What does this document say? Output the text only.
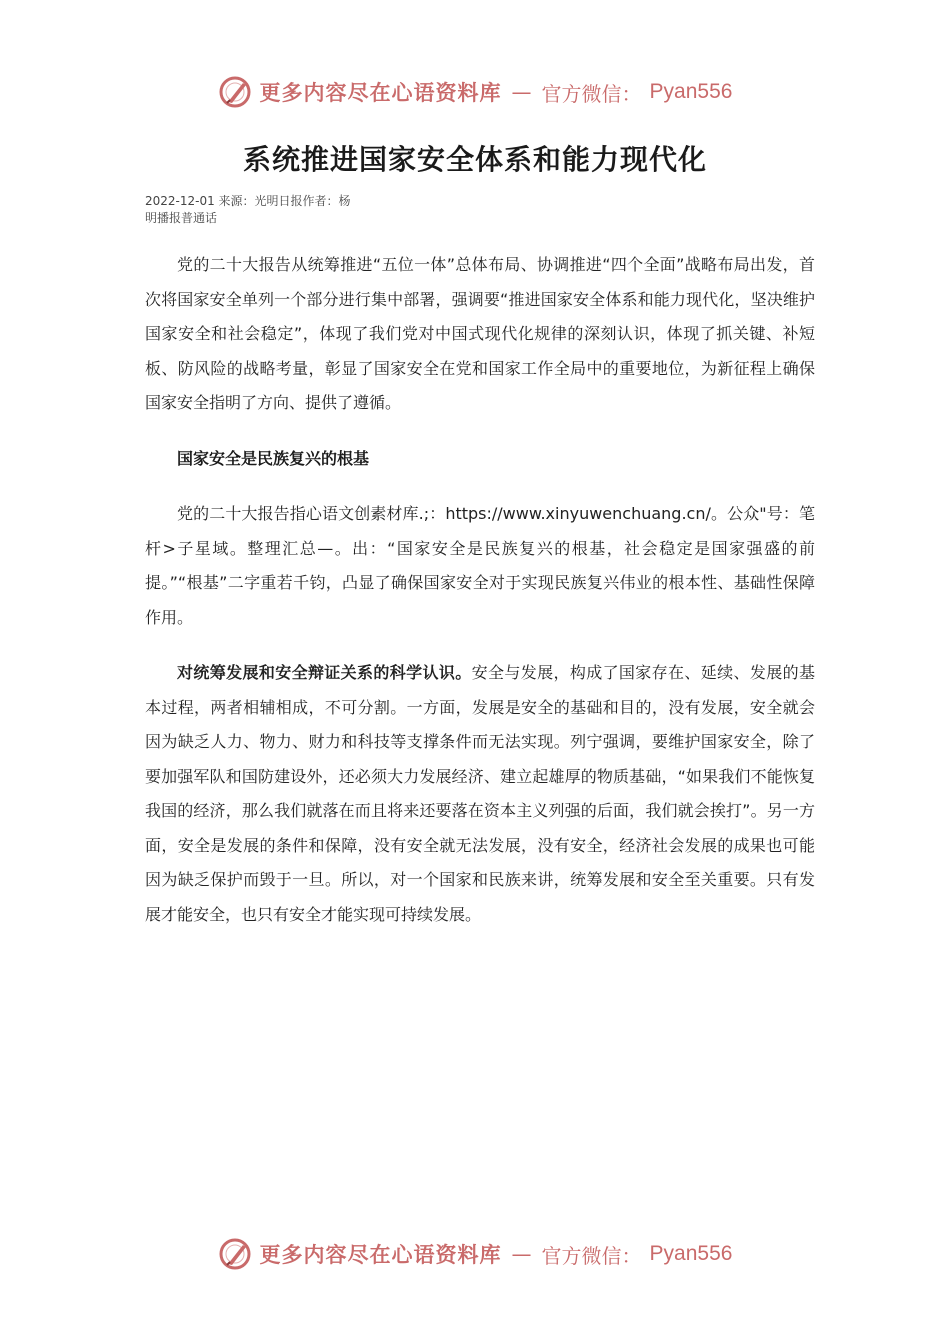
更多内容尽在心语资料库 — 官方微信： Pyan556
系统推进国家安全体系和能力现代化
2022-12-01 来源：光明日报作者：杨
明播报普通话

党的二十大报告从统筹推进“五位一体”总体布局、协调推进“四个全面”战略布局出发，首次将国家安全单列一个部分进行集中部署，强调要“推进国家安全体系和能力现代化，坚决维护国家安全和社会稳定”，体现了我们党对中国式现代化规律的深刻认识，体现了抓关键、补短板、防风险的战略考量，彰显了国家安全在党和国家工作全局中的重要地位，为新征程上确保国家安全指明了方向、提供了遵循。

国家安全是民族复兴的根基

党的二十大报告指心语文创素材库.;：https://www.xinyuwenchuang.cn/。公众"号：笔杆>子星域。整理汇总—。出：“国家安全是民族复兴的根基，社会稳定是国家强盛的前提。”“根基”二字重若千钧，凸显了确保国家安全对于实现民族复兴伟业的根本性、基础性保障作用。

对统筹发展和安全辩证关系的科学认识。安全与发展，构成了国家存在、延续、发展的基本过程，两者相辅相成，不可分割。一方面，发展是安全的基础和目的，没有发展，安全就会因为缺乏人力、物力、财力和科技等支撑条件而无法实现。列宁强调，要维护国家安全，除了要加强军队和国防建设外，还必须大力发展经济、建立起雄厚的物质基础，“如果我们不能恢复我国的经济，那么我们就落在而且将来还要落在资本主义列强的后面，我们就会挨打”。另一方面，安全是发展的条件和保障，没有安全就无法发展，没有安全，经济社会发展的成果也可能因为缺乏保护而毁于一旦。所以，对一个国家和民族来讲，统筹发展和安全至关重要。只有发展才能安全，也只有安全才能实现可持续发展。

更多内容尽在心语资料库 — 官方微信： Pyan556
